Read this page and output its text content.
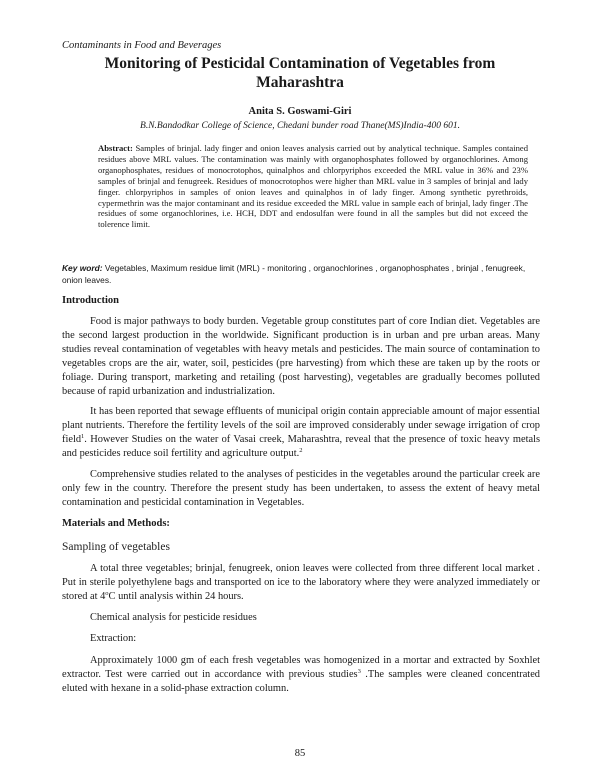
Contaminants in Food and Beverages
Monitoring of Pesticidal Contamination of Vegetables from Maharashtra
Anita S. Goswami-Giri
B.N.Bandodkar College of Science, Chedani bunder road Thane(MS)India-400 601.
Abstract: Samples of brinjal. lady finger and onion leaves analysis carried out by analytical technique. Samples contained residues above MRL values. The contamination was mainly with organophosphates followed by organochlorines. Among organophosphates, residues of monocrotophos, quinalphos and chlorpyriphos exceeded the MRL value in 36% and 23% samples of brinjal and fenugreek. Residues of monocrotophos were higher than MRL value in 3 samples of brinjal and lady finger. chlorpyriphos in samples of onion leaves and quinalphos in of lady finger. Among synthetic pyrethroids, cypermethrin was the major contaminant and its residue exceeded the MRL value in sample each of brinjal, lady finger .The residues of some organochlorines, i.e. HCH, DDT and endosulfan were found in all the samples but did not exceed the tolerence limit.
Key word: Vegetables, Maximum residue limit (MRL) - monitoring , organochlorines , organophosphates , brinjal , fenugreek, onion leaves.
Introduction

Food is major pathways to body burden. Vegetable group constitutes part of core Indian diet. Vegetables are the second largest production in the worldwide. Significant production is in urban and pre urban areas. Many studies reveal contamination of vegetables with heavy metals and pesticides. The main source of contamination to vegetables crops are the air, water, soil, pesticides (pre harvesting) from which these are taken up by the roots or foliage. During transport, marketing and retailing (post harvesting), vegetables are gradually becomes polluted because of rapid urbanization and industrialization.

It has been reported that sewage effluents of municipal origin contain appreciable amount of major essential plant nutrients. Therefore the fertility levels of the soil are improved considerably under sewage irrigation of crop field$^1$. However Studies on the water of Vasai creek, Maharashtra, reveal that the presence of toxic heavy metals and pesticides reduce soil fertility and agriculture output.$^2$

Comprehensive studies related to the analyses of pesticides in the vegetables around the particular creek are only few in the country. Therefore the present study has been undertaken, to assess the extent of heavy metal contamination and pesticidal contamination in Vegetables.

Materials and Methods:
Sampling of vegetables

A total three vegetables; brinjal, fenugreek, onion leaves were collected from three different local market . Put in sterile polyethylene bags and transported on ice to the laboratory where they were analyzed immediately or stored at 4$^o$C until analysis within 24 hours.

Chemical analysis for pesticide residues
Extraction:

Approximately 1000 gm of each fresh vegetables was homogenized in a mortar and extracted by Soxhlet extractor. Test were carried out in accordance with previous studies$^3$ .The samples were cleaned concentrated eluted with hexane in a solid-phase extraction column.

85
